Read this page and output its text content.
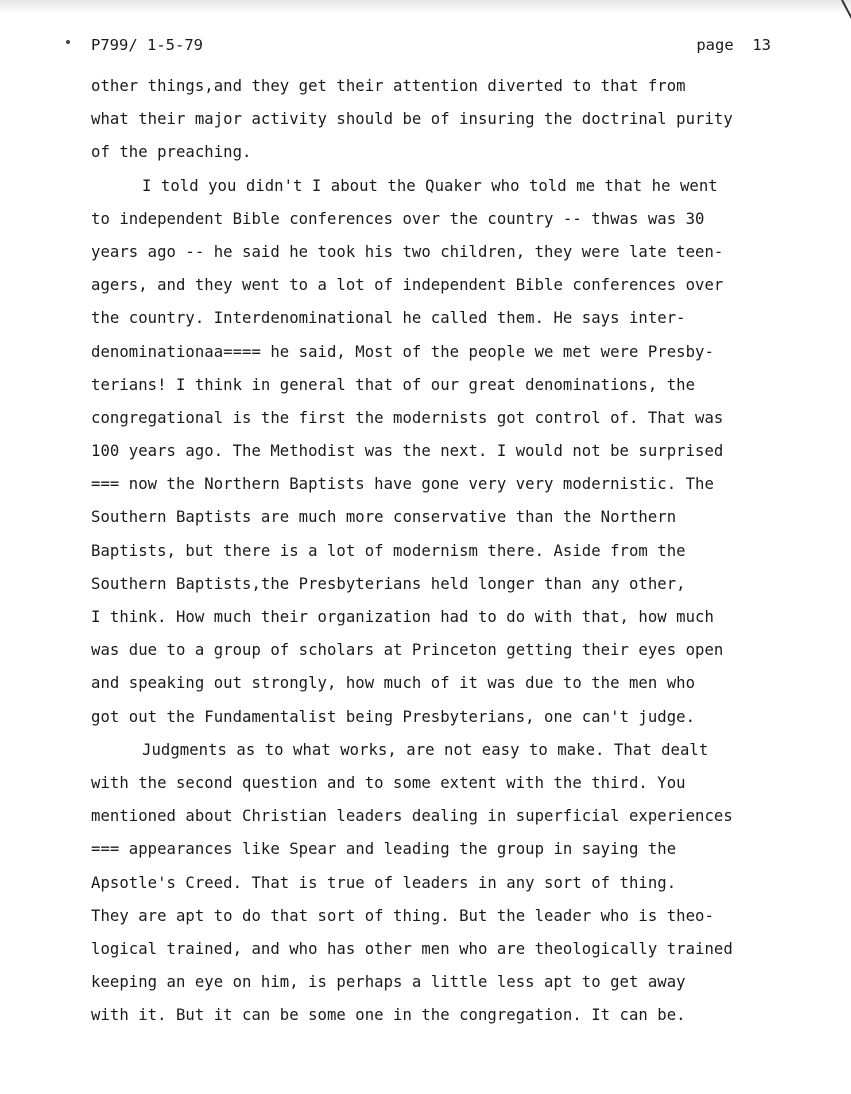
P799/ 1-5-79	page  13
other things,and they get their attention diverted to that from
what their major activity should be of insuring the doctrinal purity
of the preaching.
I told you didn't I about the Quaker who told me that he went
to independent Bible conferences over the country -- thwas was 30
years ago -- he said he took his two children, they were late teen-
agers, and they went to a lot of independent Bible conferences over
the country. Interdenominational he called them. He says inter-
denominationaa==== he said, Most of the people we met were Presby-
terians! I think in general that of our great denominations, the
congregational is the first the modernists got control of. That was
100 years ago. The Methodist was the next. I would not be surprised
=== now the Northern Baptists have gone very very modernistic. The
Southern Baptists are much more conservative than the Northern
Baptists, but there is a lot of modernism there. Aside from the
Southern Baptists,the Presbyterians held longer than any other,
I think. How much their organization had to do with that, how much
was due to a group of scholars at Princeton getting their eyes open
and speaking out strongly, how much of it was due to the men who
got out the Fundamentalist being Presbyterians, one can't judge.
Judgments as to what works, are not easy to make. That dealt
with the second question and to some extent with the third. You
mentioned about Christian leaders dealing in superficial experiences
=== appearances like Spear and leading the group in saying the
Apsotle's Creed. That is true of leaders in any sort of thing.
They are apt to do that sort of thing. But the leader who is theo-
logical trained, and who has other men who are theologically trained
keeping an eye on him, is perhaps a little less apt to get away
with it. But it can be some one in the congregation. It can be.
